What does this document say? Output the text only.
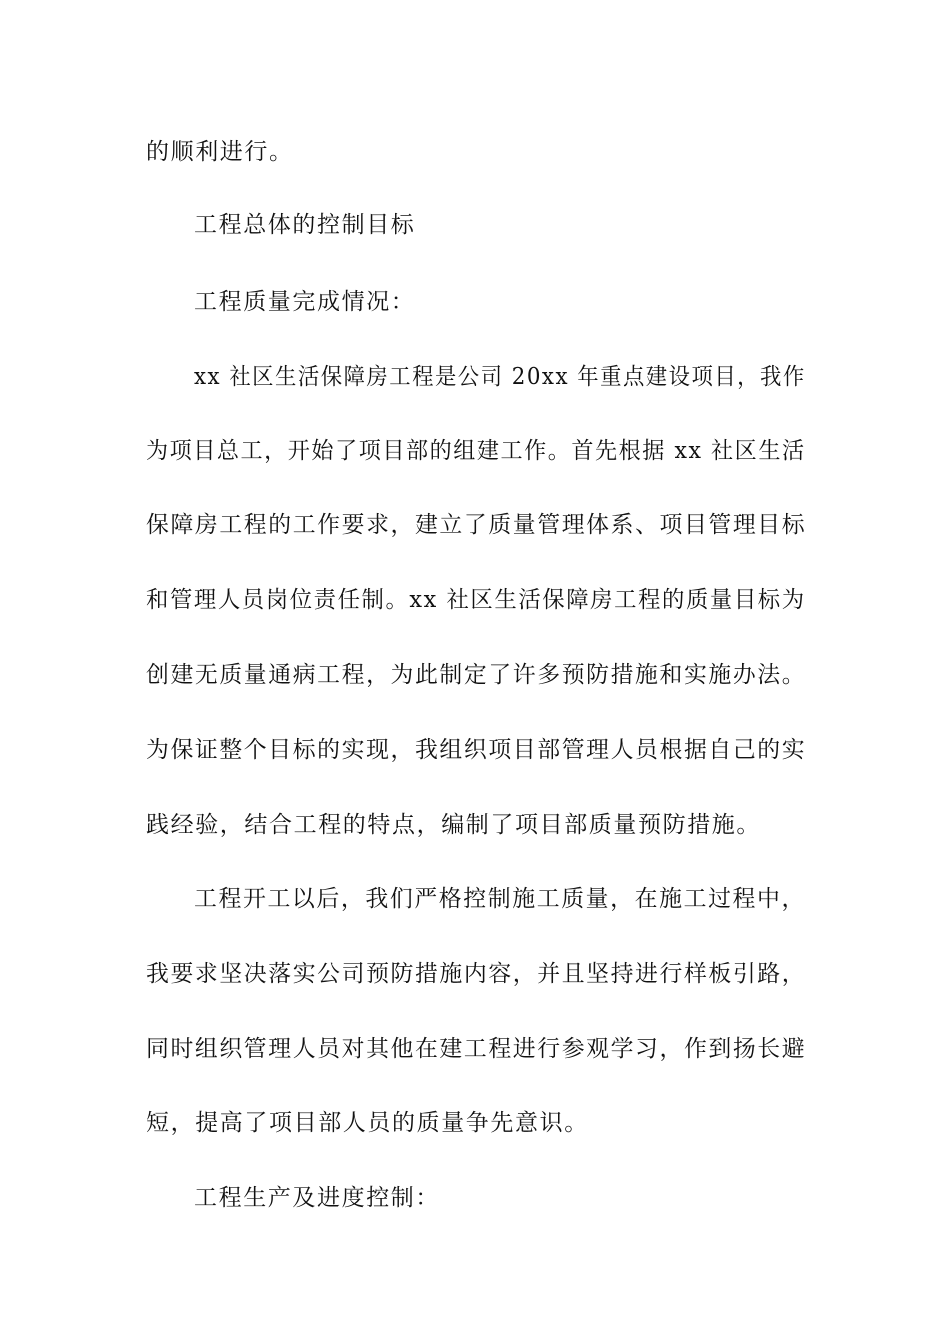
的顺利进行。
工程总体的控制目标
工程质量完成情况：
xx 社区生活保障房工程是公司 20xx 年重点建设项目，我作
为项目总工，开始了项目部的组建工作。首先根据 xx 社区生活
保障房工程的工作要求，建立了质量管理体系、项目管理目标
和管理人员岗位责任制。xx 社区生活保障房工程的质量目标为
创建无质量通病工程，为此制定了许多预防措施和实施办法。
为保证整个目标的实现，我组织项目部管理人员根据自己的实
践经验，结合工程的特点，编制了项目部质量预防措施。
工程开工以后，我们严格控制施工质量，在施工过程中，
我要求坚决落实公司预防措施内容，并且坚持进行样板引路，
同时组织管理人员对其他在建工程进行参观学习，作到扬长避
短，提高了项目部人员的质量争先意识。
工程生产及进度控制：
